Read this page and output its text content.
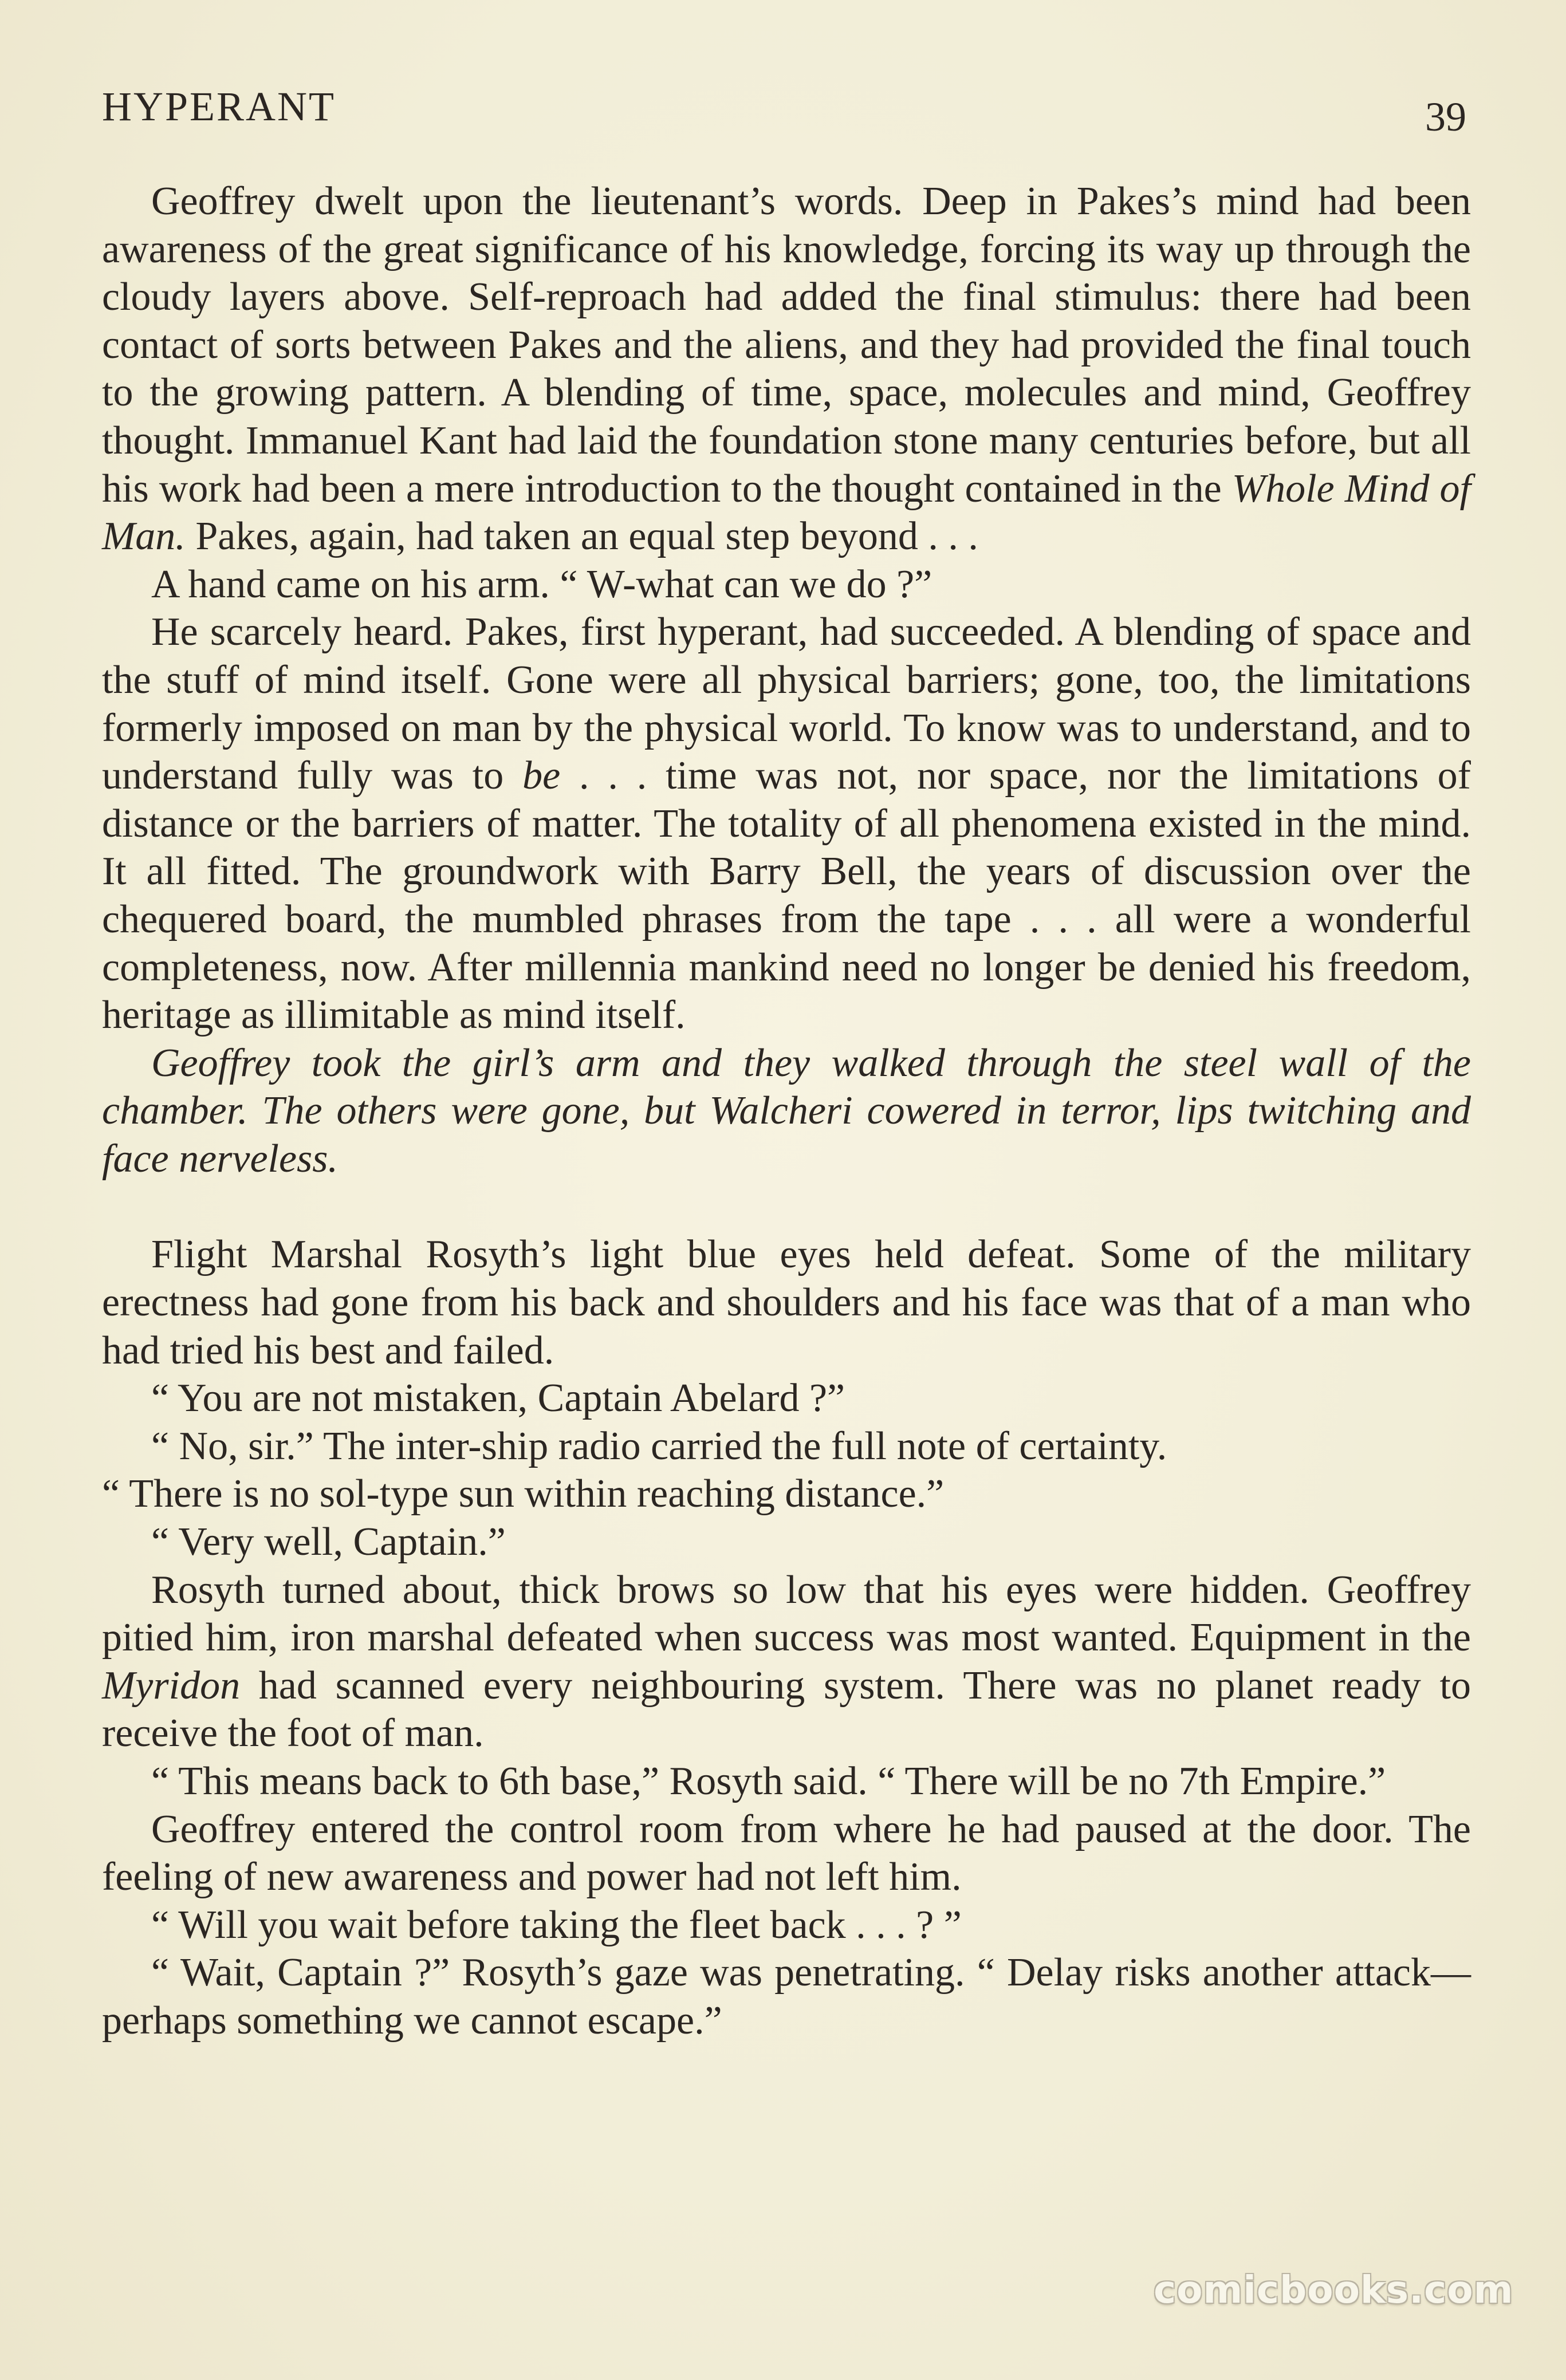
HYPERANT	39

Geoffrey dwelt upon the lieutenant’s words. Deep in Pakes’s mind had been awareness of the great significance of his knowledge, forcing its way up through the cloudy layers above. Self-reproach had added the final stimulus: there had been contact of sorts between Pakes and the aliens, and they had provided the final touch to the growing pattern. A blending of time, space, molecules and mind, Geoffrey thought. Immanuel Kant had laid the foundation stone many centuries before, but all his work had been a mere introduction to the thought contained in the Whole Mind of Man. Pakes, again, had taken an equal step beyond . . .

A hand came on his arm. “ W-what can we do ?”

He scarcely heard. Pakes, first hyperant, had succeeded. A blending of space and the stuff of mind itself. Gone were all physical barriers; gone, too, the limitations formerly imposed on man by the physical world. To know was to understand, and to understand fully was to be . . . time was not, nor space, nor the limitations of distance or the barriers of matter. The totality of all phenomena existed in the mind. It all fitted. The groundwork with Barry Bell, the years of discussion over the chequered board, the mumbled phrases from the tape . . . all were a wonderful completeness, now. After millennia mankind need no longer be denied his freedom, heritage as illimitable as mind itself.

Geoffrey took the girl’s arm and they walked through the steel wall of the chamber. The others were gone, but Walcheri cowered in terror, lips twitching and face nerveless.

Flight Marshal Rosyth’s light blue eyes held defeat. Some of the military erectness had gone from his back and shoulders and his face was that of a man who had tried his best and failed.

“ You are not mistaken, Captain Abelard ?”

“ No, sir.” The inter-ship radio carried the full note of certainty.

“ There is no sol-type sun within reaching distance.”

“ Very well, Captain.”

Rosyth turned about, thick brows so low that his eyes were hidden. Geoffrey pitied him, iron marshal defeated when success was most wanted. Equipment in the Myridon had scanned every neighbouring system. There was no planet ready to receive the foot of man.

“ This means back to 6th base,” Rosyth said. “ There will be no 7th Empire.”

Geoffrey entered the control room from where he had paused at the door. The feeling of new awareness and power had not left him.

“ Will you wait before taking the fleet back . . . ? ”

“ Wait, Captain ?” Rosyth’s gaze was penetrating. “ Delay risks another attack—perhaps something we cannot escape.”

comicbooks.com
